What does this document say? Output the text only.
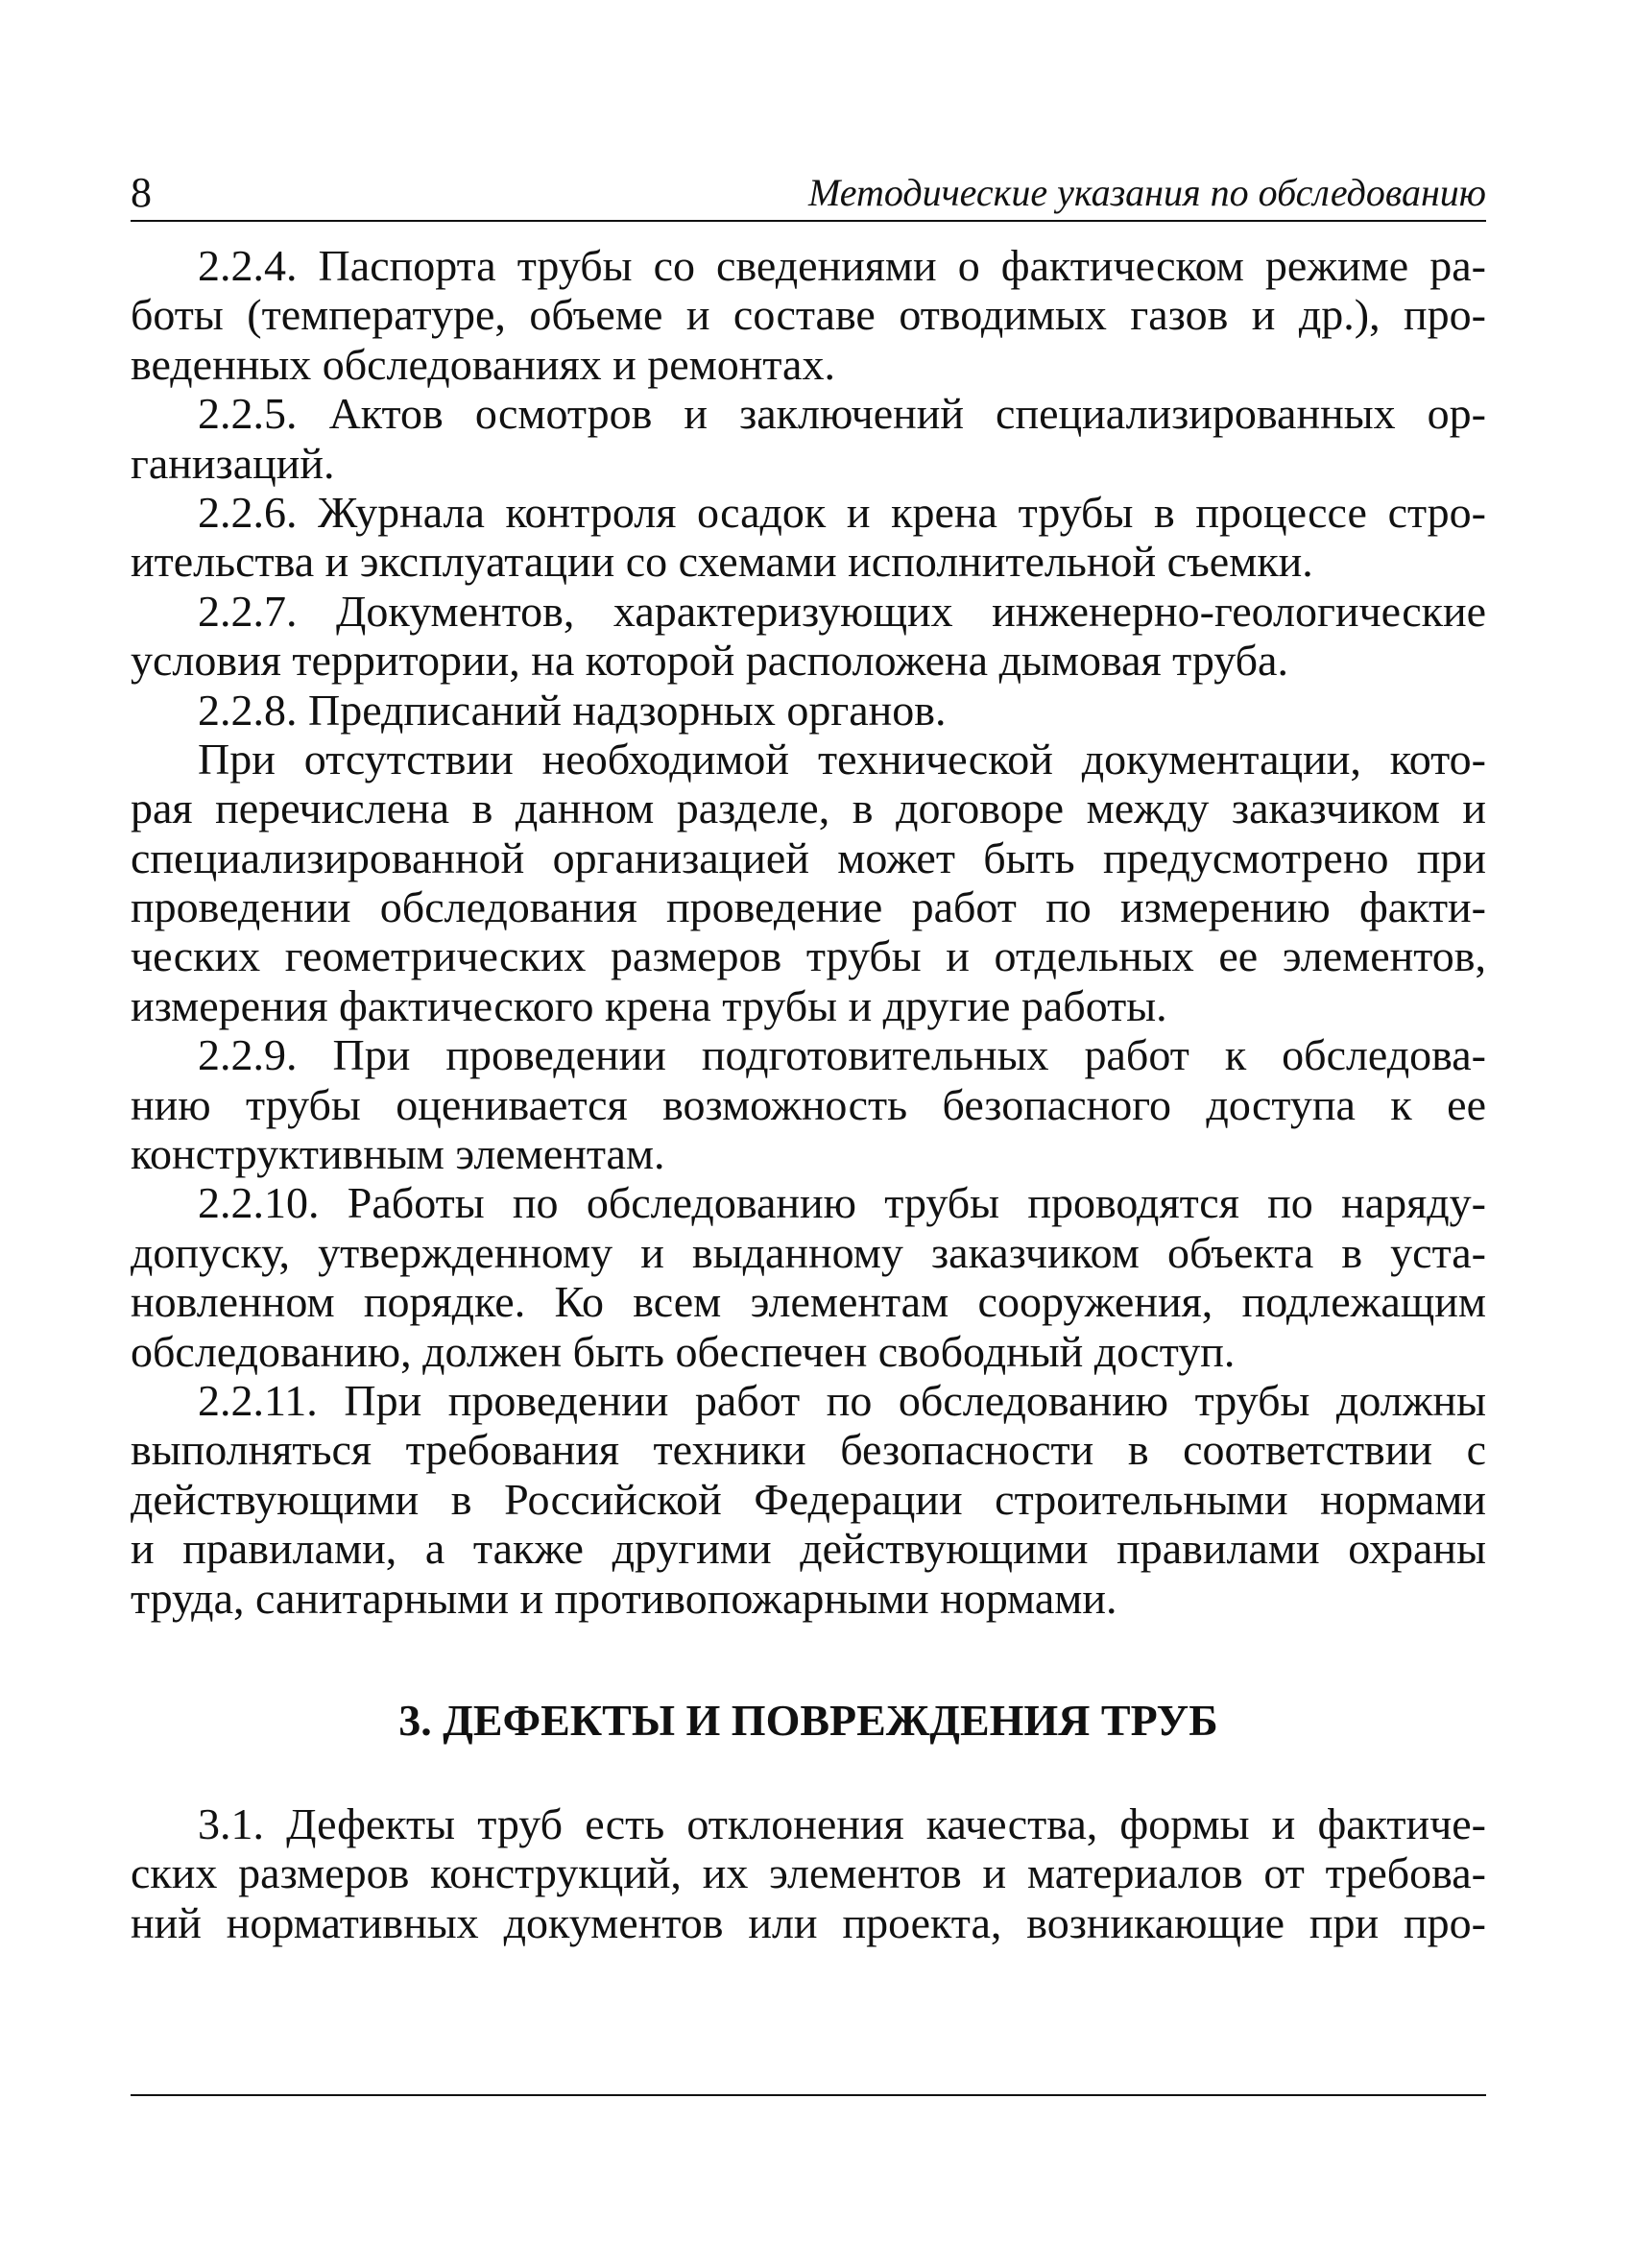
8	Методические указания по обследованию
2.2.4. Паспорта трубы со сведениями о фактическом режиме ра-
боты (температуре, объеме и составе отводимых газов и др.), про-
веденных обследованиях и ремонтах.
2.2.5. Актов осмотров и заключений специализированных ор-
ганизаций.
2.2.6. Журнала контроля осадок и крена трубы в процессе стро-
ительства и эксплуатации со схемами исполнительной съемки.
2.2.7. Документов, характеризующих инженерно-геологические
условия территории, на которой расположена дымовая труба.
2.2.8. Предписаний надзорных органов.
При отсутствии необходимой технической документации, кото-
рая перечислена в данном разделе, в договоре между заказчиком и
специализированной организацией может быть предусмотрено при
проведении обследования проведение работ по измерению факти-
ческих геометрических размеров трубы и отдельных ее элементов,
измерения фактического крена трубы и другие работы.
2.2.9. При проведении подготовительных работ к обследова-
нию трубы оценивается возможность безопасного доступа к ее
конструктивным элементам.
2.2.10. Работы по обследованию трубы проводятся по наряду-
допуску, утвержденному и выданному заказчиком объекта в уста-
новленном порядке. Ко всем элементам сооружения, подлежащим
обследованию, должен быть обеспечен свободный доступ.
2.2.11. При проведении работ по обследованию трубы должны
выполняться требования техники безопасности в соответствии с
действующими в Российской Федерации строительными нормами
и правилами, а также другими действующими правилами охраны
труда, санитарными и противопожарными нормами.
3. ДЕФЕКТЫ И ПОВРЕЖДЕНИЯ ТРУБ
3.1. Дефекты труб есть отклонения качества, формы и фактиче-
ских размеров конструкций, их элементов и материалов от требова-
ний нормативных документов или проекта, возникающие при про-
